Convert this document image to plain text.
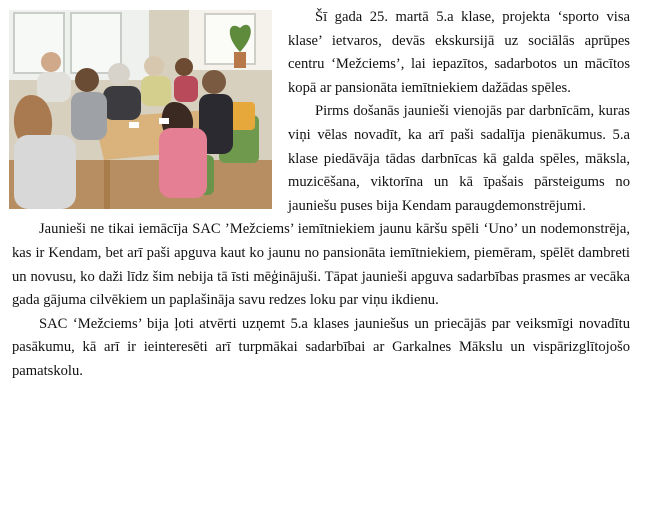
Šī gada 25. martā 5.a klase, projekta ‘sporto visa klase’ ietvaros, devās ekskursijā uz sociālās aprūpes centru ‘Mežciems’, lai iepazītos, sadarbotos un mācītos kopā ar pansionāta iemītniekiem dažādas spēles.

Pirms došanās jaunieši vienojās par darbnīcām, kuras viņi vēlas novadīt, ka arī paši sadalīja pienākumus. 5.a klase piedāvāja tādas darbnīcas kā galda spēles, māksla, muzicēšana, viktorīna un kā īpašais pārsteigums no jauniešu puses bija Kendam paraugdemonstrējumi.

Jaunieši ne tikai iemācīja SAC ’Mežciems’ iemītniekiem jaunu kāršu spēli ‘Uno’ un nodemonstrēja, kas ir Kendam, bet arī paši apguva kaut ko jaunu no pansionāta iemītniekiem, piemēram, spēlēt dambreti un novusu, ko daži līdz šim nebija tā īsti mēģinājuši. Tāpat jaunieši apguva sadarbības prasmes ar vecāka gada gājuma cilvēkiem un paplašināja savu redzes loku par viņu ikdienu.

SAC ‘Mežciems’ bija ļoti atvērti uzņemt 5.a klases jauniešus un priecājās par veiksmīgi novadītu pasākumu, kā arī ir ieinteresēti arī turpmākai sadarbībai ar Garkalnes Mākslu un vispārizglītojošo pamatskolu.
